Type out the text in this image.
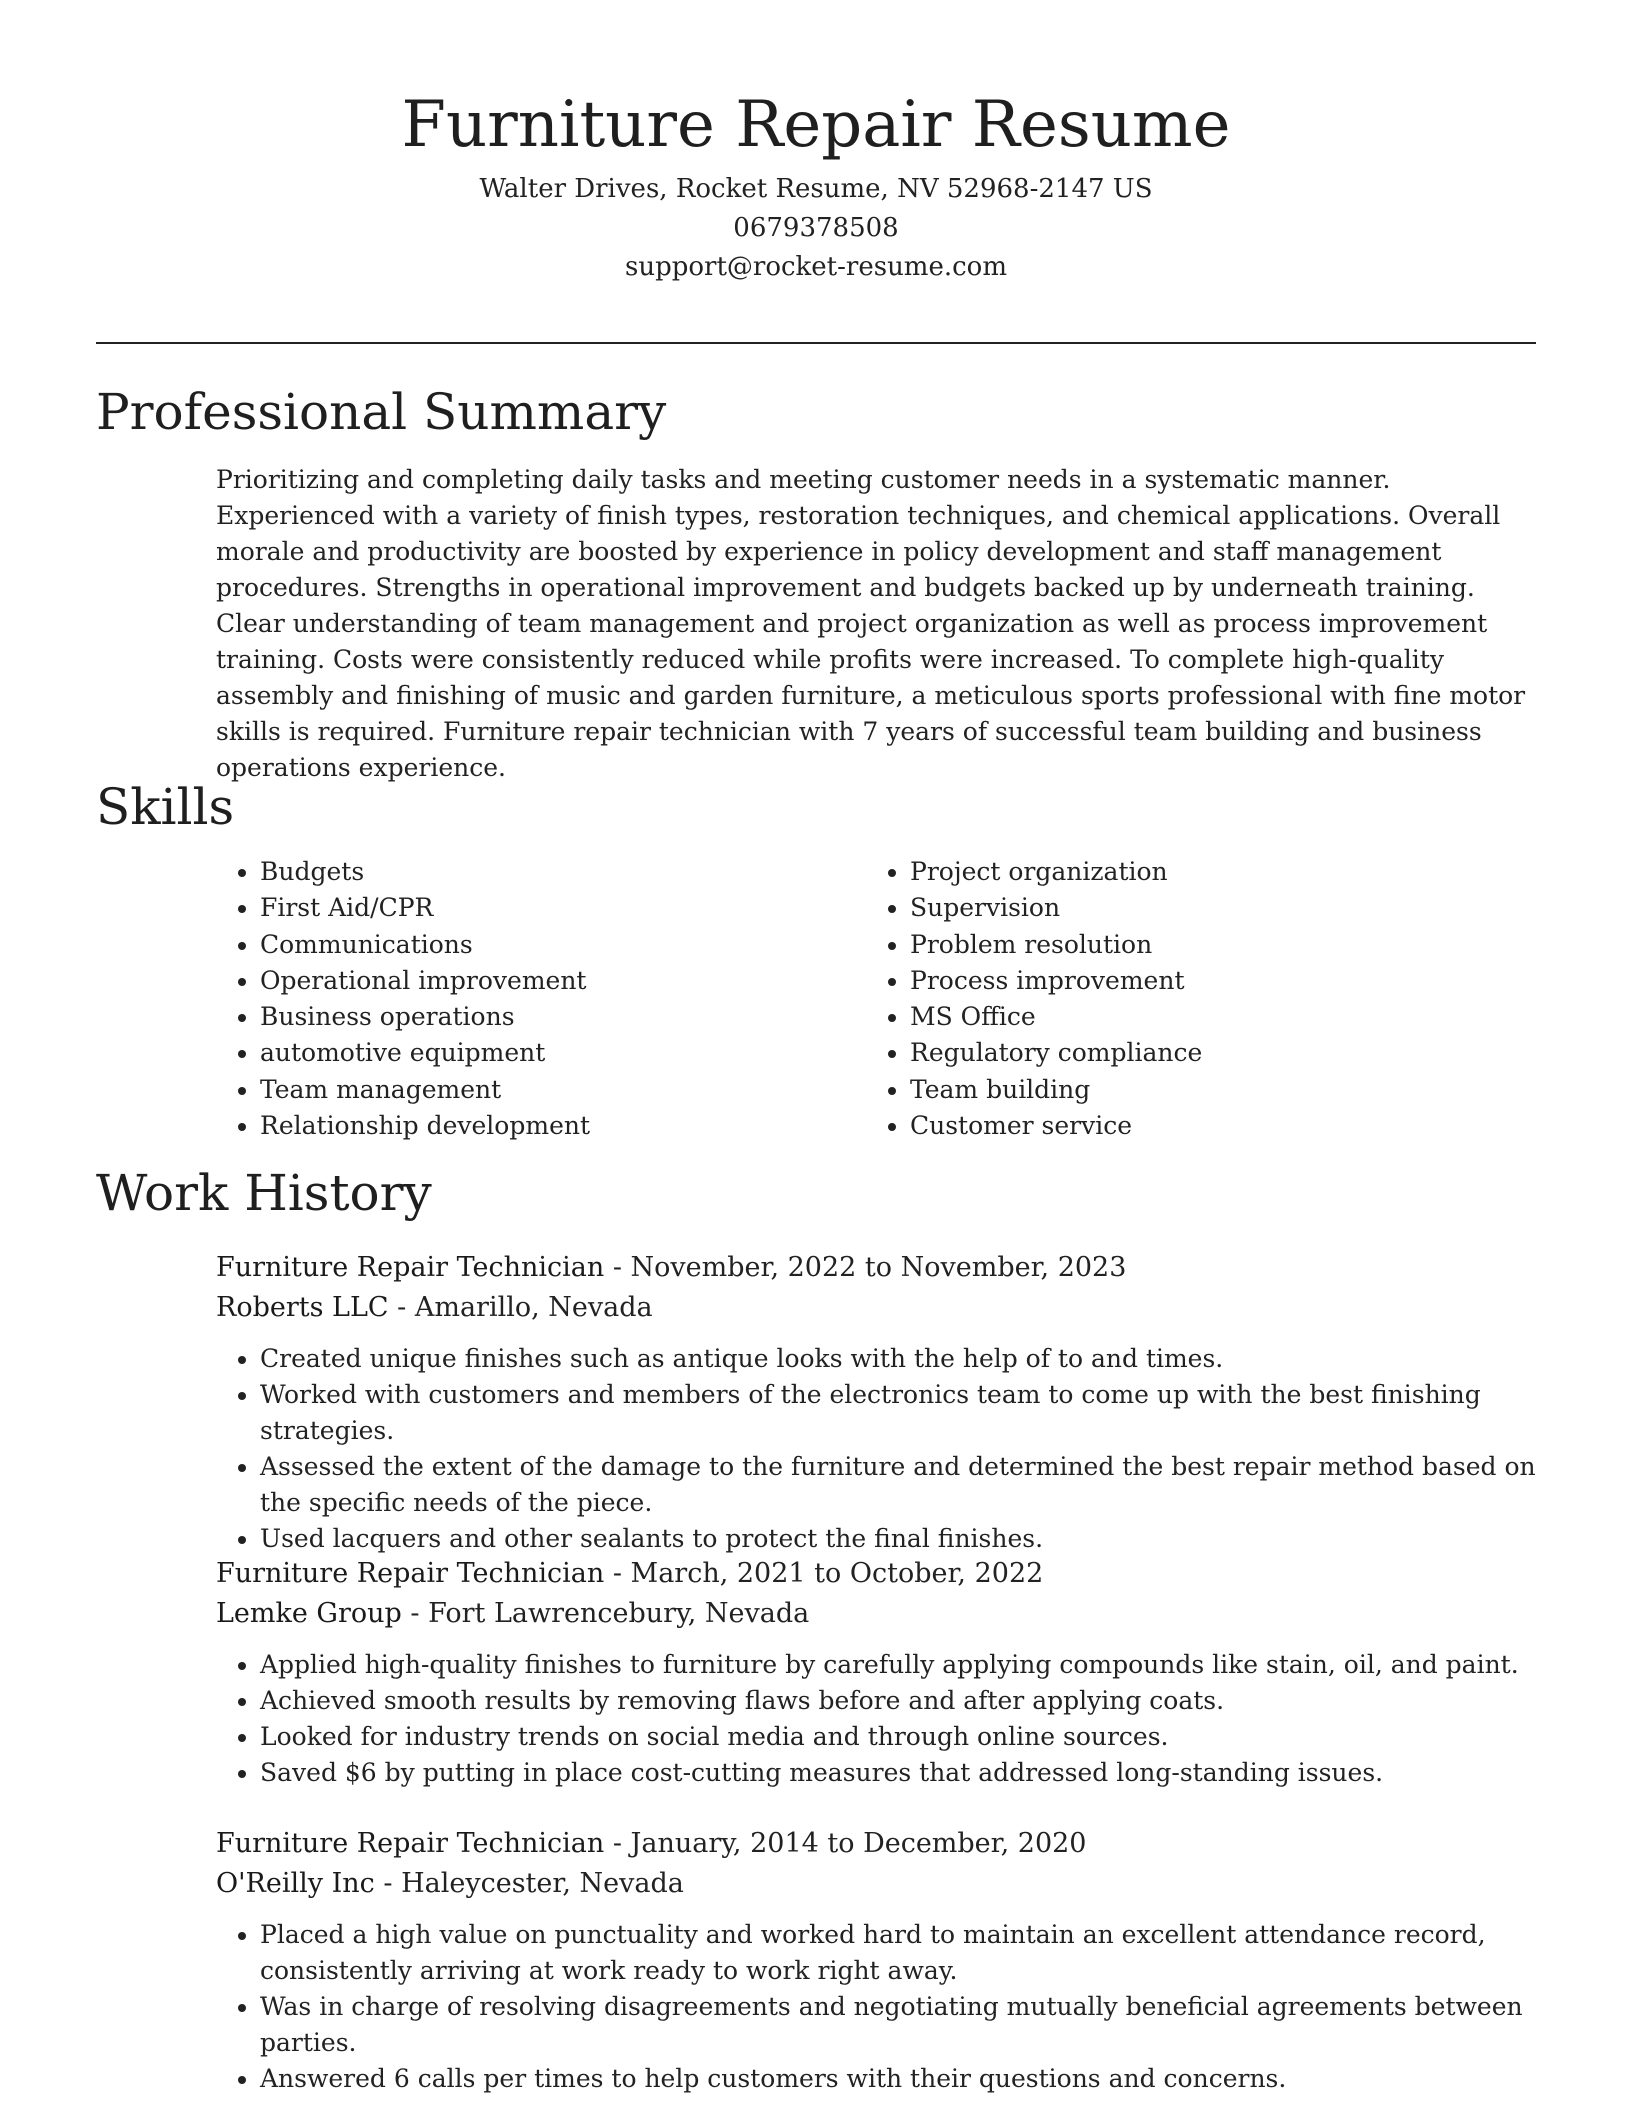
Furniture Repair Resume

Walter Drives, Rocket Resume, NV 52968-2147 US

0679378508

support@rocket-resume.com

Professional Summary

Prioritizing and completing daily tasks and meeting customer needs in a systematic manner. Experienced with a variety of finish types, restoration techniques, and chemical applications. Overall morale and productivity are boosted by experience in policy development and staff management procedures. Strengths in operational improvement and budgets backed up by underneath training. Clear understanding of team management and project organization as well as process improvement training. Costs were consistently reduced while profits were increased. To complete high-quality assembly and finishing of music and garden furniture, a meticulous sports professional with fine motor skills is required. Furniture repair technician with 7 years of successful team building and business operations experience.

Skills
• Budgets
• First Aid/CPR
• Communications
• Operational improvement
• Business operations
• automotive equipment
• Team management
• Relationship development
• Project organization
• Supervision
• Problem resolution
• Process improvement
• MS Office
• Regulatory compliance
• Team building
• Customer service
Work History

Furniture Repair Technician - November, 2022 to November, 2023

Roberts LLC - Amarillo, Nevada

• Created unique finishes such as antique looks with the help of to and times.
• Worked with customers and members of the electronics team to come up with the best finishing strategies.
• Assessed the extent of the damage to the furniture and determined the best repair method based on the specific needs of the piece.
• Used lacquers and other sealants to protect the final finishes.

Furniture Repair Technician - March, 2021 to October, 2022

Lemke Group - Fort Lawrencebury, Nevada

• Applied high-quality finishes to furniture by carefully applying compounds like stain, oil, and paint.
• Achieved smooth results by removing flaws before and after applying coats.
• Looked for industry trends on social media and through online sources.
• Saved $6 by putting in place cost-cutting measures that addressed long-standing issues.

Furniture Repair Technician - January, 2014 to December, 2020

O'Reilly Inc - Haleycester, Nevada

• Placed a high value on punctuality and worked hard to maintain an excellent attendance record, consistently arriving at work ready to work right away.
• Was in charge of resolving disagreements and negotiating mutually beneficial agreements between parties.
• Answered 6 calls per times to help customers with their questions and concerns.
